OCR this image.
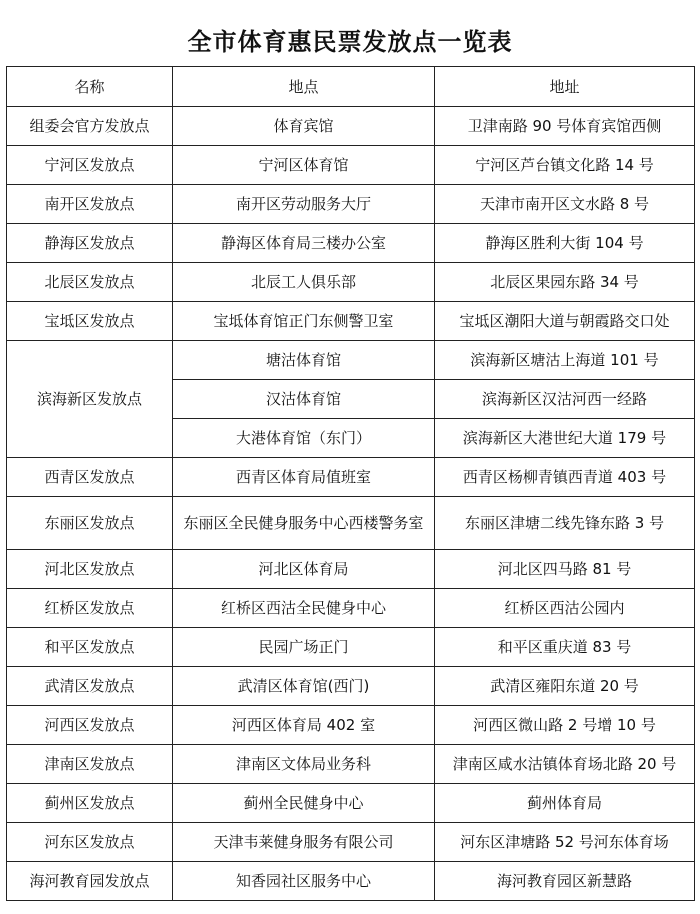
全市体育惠民票发放点一览表
名称	地点	地址
组委会官方发放点	体育宾馆	卫津南路 90 号体育宾馆西侧
宁河区发放点	宁河区体育馆	宁河区芦台镇文化路 14 号
南开区发放点	南开区劳动服务大厅	天津市南开区文水路 8 号
静海区发放点	静海区体育局三楼办公室	静海区胜利大街 104 号
北辰区发放点	北辰工人俱乐部	北辰区果园东路 34 号
宝坻区发放点	宝坻体育馆正门东侧警卫室	宝坻区潮阳大道与朝霞路交口处
滨海新区发放点	塘沽体育馆	滨海新区塘沽上海道 101 号
	汉沽体育馆	滨海新区汉沽河西一经路
	大港体育馆（东门）	滨海新区大港世纪大道 179 号
西青区发放点	西青区体育局值班室	西青区杨柳青镇西青道 403 号
东丽区发放点	东丽区全民健身服务中心西楼警务室	东丽区津塘二线先锋东路 3 号
河北区发放点	河北区体育局	河北区四马路 81 号
红桥区发放点	红桥区西沽全民健身中心	红桥区西沽公园内
和平区发放点	民园广场正门	和平区重庆道 83 号
武清区发放点	武清区体育馆(西门)	武清区雍阳东道 20 号
河西区发放点	河西区体育局 402 室	河西区微山路 2 号增 10 号
津南区发放点	津南区文体局业务科	津南区咸水沽镇体育场北路 20 号
蓟州区发放点	蓟州全民健身中心	蓟州体育局
河东区发放点	天津韦莱健身服务有限公司	河东区津塘路 52 号河东体育场
海河教育园发放点	知香园社区服务中心	海河教育园区新慧路
